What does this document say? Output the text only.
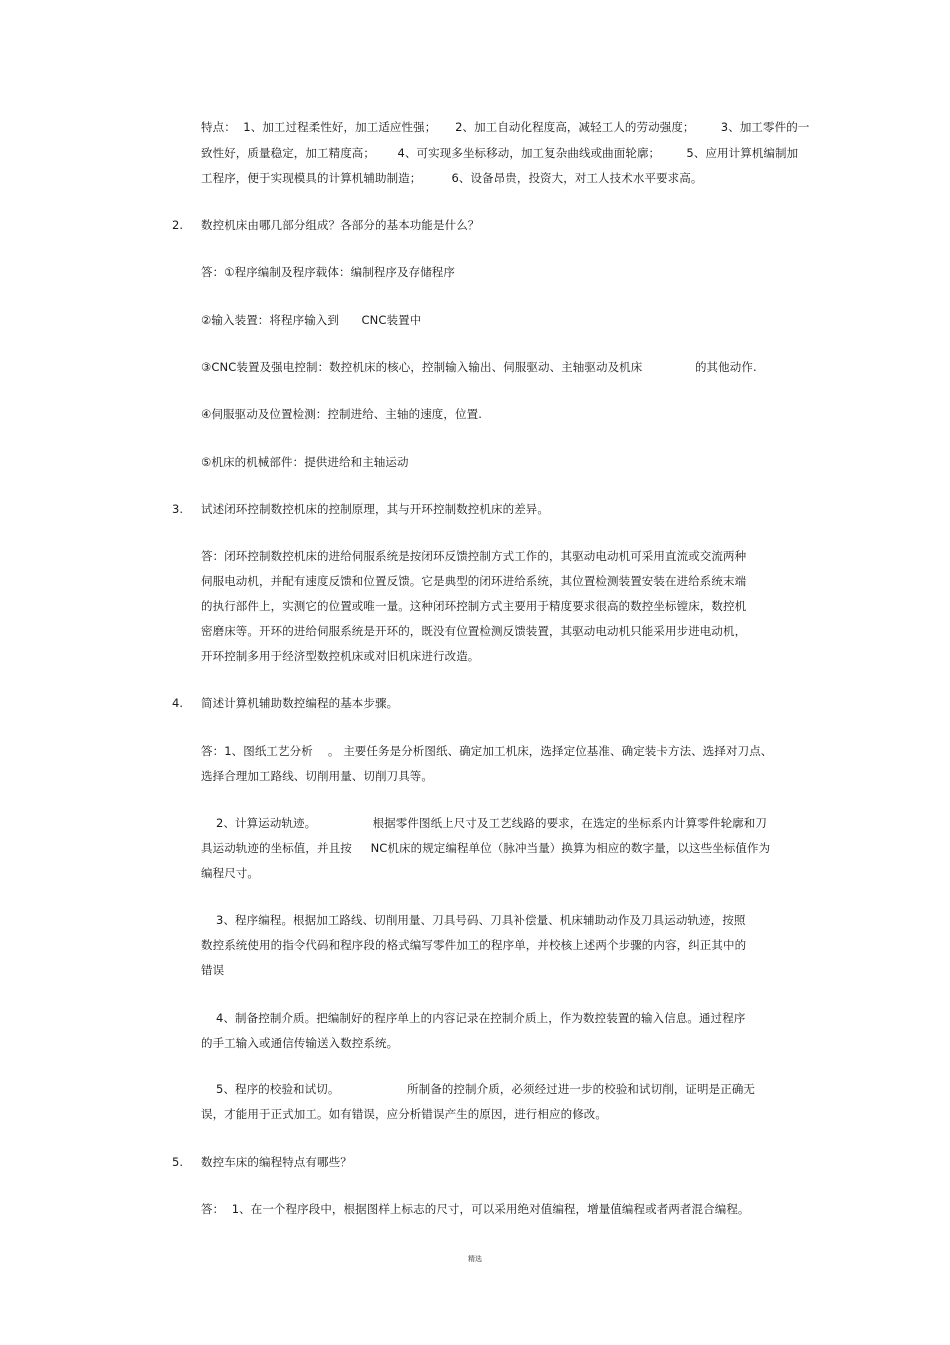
特点：  1、加工过程柔性好，加工适应性强；     2、加工自动化程度高，减轻工人的劳动强度；       3、加工零件的一
致性好，质量稳定，加工精度高；      4、可实现多坐标移动，加工复杂曲线或曲面轮廓；       5、应用计算机编制加
工程序，便于实现模具的计算机辅助制造；        6、设备昂贵，投资大，对工人技术水平要求高。
2. 数控机床由哪几部分组成？各部分的基本功能是什么？
答：①程序编制及程序载体：编制程序及存储程序
②输入装置：将程序输入到      CNC装置中
③CNC装置及强电控制：数控机床的核心，控制输入输出、伺服驱动、主轴驱动及机床              的其他动作.
④伺服驱动及位置检测：控制进给、主轴的速度，位置.
⑤机床的机械部件：提供进给和主轴运动
3. 试述闭环控制数控机床的控制原理，其与开环控制数控机床的差异。
答：闭环控制数控机床的进给伺服系统是按闭环反馈控制方式工作的，其驱动电动机可采用直流或交流两种
伺服电动机，并配有速度反馈和位置反馈。它是典型的闭环进给系统，其位置检测装置安装在进给系统末端
的执行部件上，实测它的位置或唯一量。这种闭环控制方式主要用于精度要求很高的数控坐标镗床，数控机
密磨床等。开环的进给伺服系统是开环的，既没有位置检测反馈装置，其驱动电动机只能采用步进电动机，
开环控制多用于经济型数控机床或对旧机床进行改造。
4. 简述计算机辅助数控编程的基本步骤。
答：1、图纸工艺分析    。 主要任务是分析图纸、确定加工机床，选择定位基准、确定装卡方法、选择对刀点、
选择合理加工路线、切削用量、切削刀具等。
2、计算运动轨迹。               根据零件图纸上尺寸及工艺线路的要求，在选定的坐标系内计算零件轮廓和刀
具运动轨迹的坐标值，并且按     NC机床的规定编程单位（脉冲当量）换算为相应的数字量，以这些坐标值作为
编程尺寸。
3、程序编程。根据加工路线、切削用量、刀具号码、刀具补偿量、机床辅助动作及刀具运动轨迹，按照
数控系统使用的指令代码和程序段的格式编写零件加工的程序单，并校核上述两个步骤的内容，纠正其中的
错误
4、制备控制介质。把编制好的程序单上的内容记录在控制介质上，作为数控装置的输入信息。通过程序
的手工输入或通信传输送入数控系统。
5、程序的校验和试切。                  所制备的控制介质，必须经过进一步的校验和试切削，证明是正确无
误，才能用于正式加工。如有错误，应分析错误产生的原因，进行相应的修改。
5. 数控车床的编程特点有哪些？
答：  1、在一个程序段中，根据图样上标志的尺寸，可以采用绝对值编程，增量值编程或者两者混合编程。
精选
